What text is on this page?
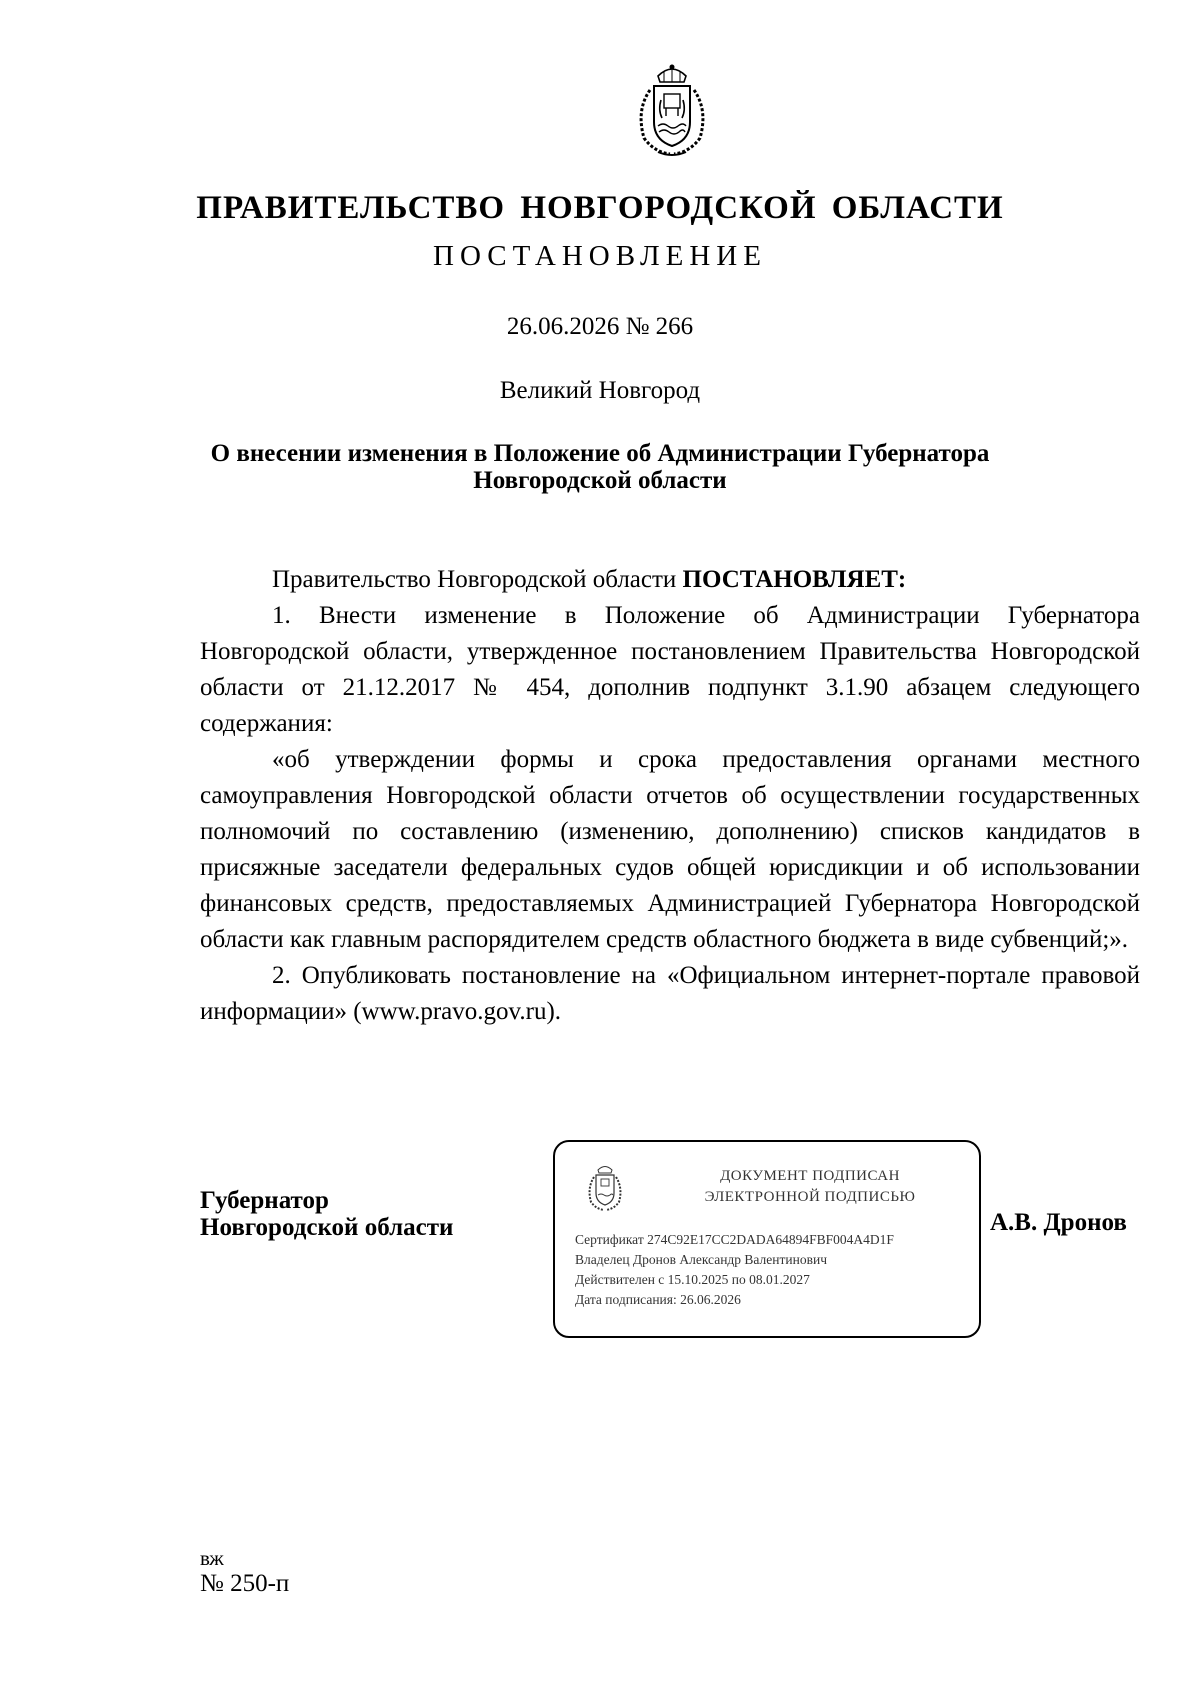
ПРАВИТЕЛЬСТВО НОВГОРОДСКОЙ ОБЛАСТИ
ПОСТАНОВЛЕНИЕ
26.06.2026 № 266
Великий Новгород
О внесении изменения в Положение об Администрации Губернатора
Новгородской области

Правительство Новгородской области ПОСТАНОВЛЯЕТ:

1. Внести изменение в Положение об Администрации Губернатора Новгородской области, утвержденное постановлением Правительства Новгородской области от 21.12.2017 № 454, дополнив подпункт 3.1.90 абзацем следующего содержания:

«об утверждении формы и срока предоставления органами местного самоуправления Новгородской области отчетов об осуществлении государственных полномочий по составлению (изменению, дополнению) списков кандидатов в присяжные заседатели федеральных судов общей юрисдикции и об использовании финансовых средств, предоставляемых Администрацией Губернатора Новгородской области как главным распорядителем средств областного бюджета в виде субвенций;».

2. Опубликовать постановление на «Официальном интернет-портале правовой информации» (www.pravo.gov.ru).

Губернатор
Новгородской области
ДОКУМЕНТ ПОДПИСАН
ЭЛЕКТРОННОЙ ПОДПИСЬЮ
Сертификат 274C92E17CC2DADA64894FBF004A4D1F
Владелец Дронов Александр Валентинович
Действителен с 15.10.2025 по 08.01.2027
Дата подписания: 26.06.2026
А.В. Дронов
вж
№ 250-п
